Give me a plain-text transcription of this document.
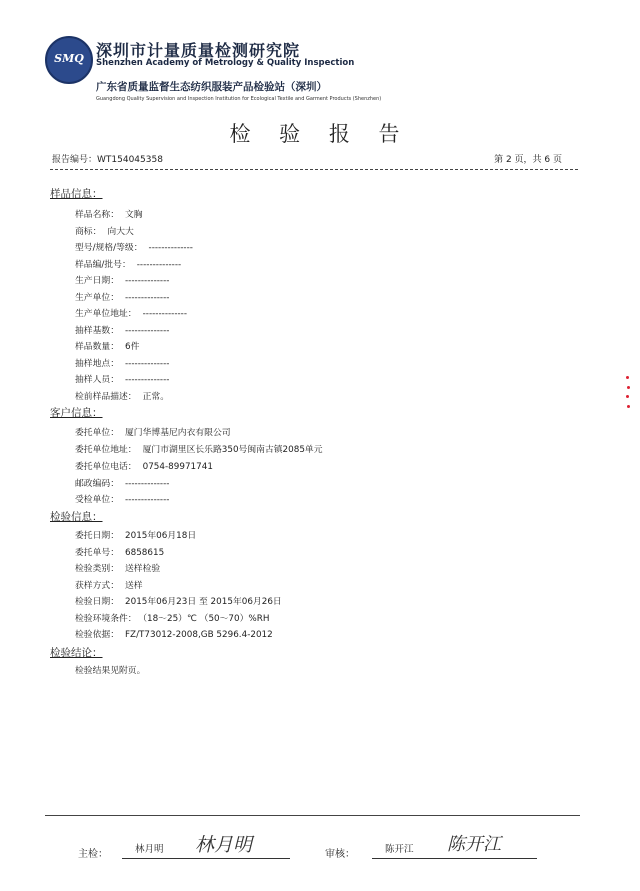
SMQ 深圳市计量质量检测研究院
Shenzhen Academy of Metrology & Quality Inspection
广东省质量监督生态纺织服装产品检验站（深圳）
Guangdong Quality Supervision and Inspection Institution for Ecological Textile and Garment Products (Shenzhen)
检 验 报 告
报告编号：WT154045358	第 2 页，共 6 页
样品信息：
样品名称： 文胸
商标： 向大大
型号/规格/等级： --------------
样品编/批号： --------------
生产日期： --------------
生产单位： --------------
生产单位地址： --------------
抽样基数： --------------
样品数量： 6件
抽样地点： --------------
抽样人员： --------------
检前样品描述： 正常。
客户信息：
委托单位： 厦门华博基尼内衣有限公司
委托单位地址： 厦门市湖里区长乐路350号闽南古镇2085单元
委托单位电话： 0754-89971741
邮政编码： --------------
受检单位： --------------
检验信息：
委托日期： 2015年06月18日
委托单号： 6858615
检验类别： 送样检验
获样方式： 送样
检验日期： 2015年06月23日 至 2015年06月26日
检验环境条件： （18～25）℃ （50～70）%RH
检验依据： FZ/T73012-2008,GB 5296.4-2012
检验结论：
检验结果见附页。
主检：	林月明 林月明	审核：	陈开江 陈开江
